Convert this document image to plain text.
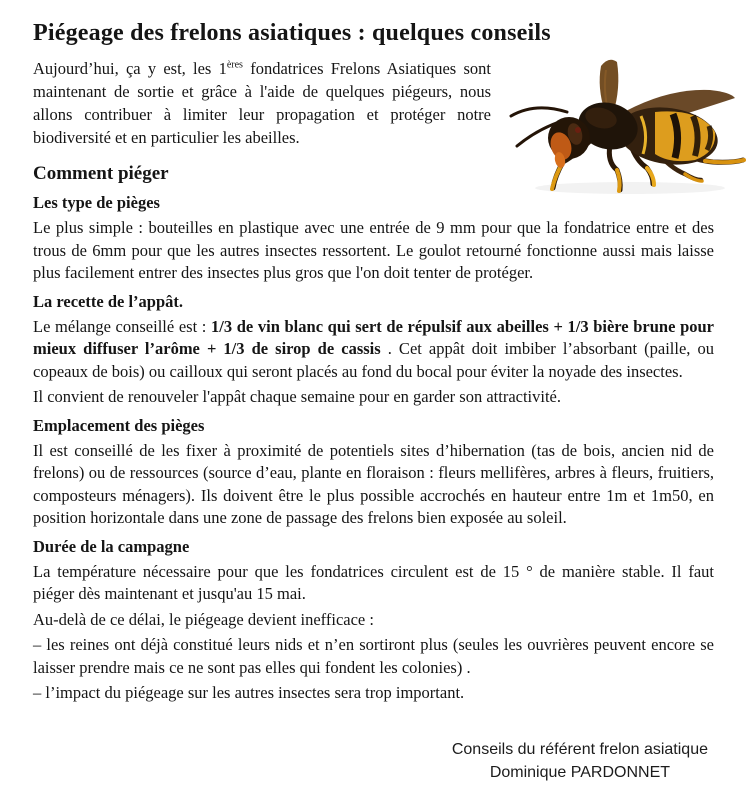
Piégeage des frelons asiatiques : quelques conseils

Aujourd’hui, ça y est, les 1ères fondatrices Frelons Asiatiques sont maintenant de sortie et grâce à l'aide de quelques piégeurs, nous allons contribuer à limiter leur propagation et protéger notre biodiversité et en particulier les abeilles.

Comment piéger
Les type de pièges

Le plus simple : bouteilles en plastique avec une entrée de 9 mm pour que la fondatrice entre et des trous de 6mm pour que les autres insectes ressortent. Le goulot retourné fonctionne aussi mais laisse plus facilement entrer des insectes plus gros que l'on doit tenter de protéger.

La recette de l’appât.

Le mélange conseillé est : 1/3 de vin blanc qui sert de répulsif aux abeilles + 1/3 bière brune pour mieux diffuser l’arôme + 1/3 de sirop de cassis . Cet appât doit imbiber l’absorbant (paille, ou copeaux de bois) ou cailloux qui seront placés au fond du bocal pour éviter la noyade des insectes.

Il convient de renouveler l'appât chaque semaine pour en garder son attractivité.

Emplacement des pièges

Il est conseillé de les fixer à proximité de potentiels sites d’hibernation (tas de bois, ancien nid de frelons) ou de ressources (source d’eau, plante en floraison : fleurs mellifères, arbres à fleurs, fruitiers, composteurs ménagers). Ils doivent être le plus possible accrochés en hauteur entre 1m et 1m50, en position horizontale dans une zone de passage des frelons bien exposée au soleil.

Durée de la campagne

La température nécessaire pour que les fondatrices circulent est de 15 ° de manière stable. Il faut piéger dès maintenant et jusqu'au 15 mai.

Au-delà de ce délai, le piégeage devient inefficace :

– les reines ont déjà constitué leurs nids et n’en sortiront plus (seules les ouvrières peuvent encore se laisser prendre mais ce ne sont pas elles qui fondent les colonies) .

– l’impact du piégeage sur les autres insectes sera trop important.

Conseils du référent frelon asiatique
Dominique PARDONNET
